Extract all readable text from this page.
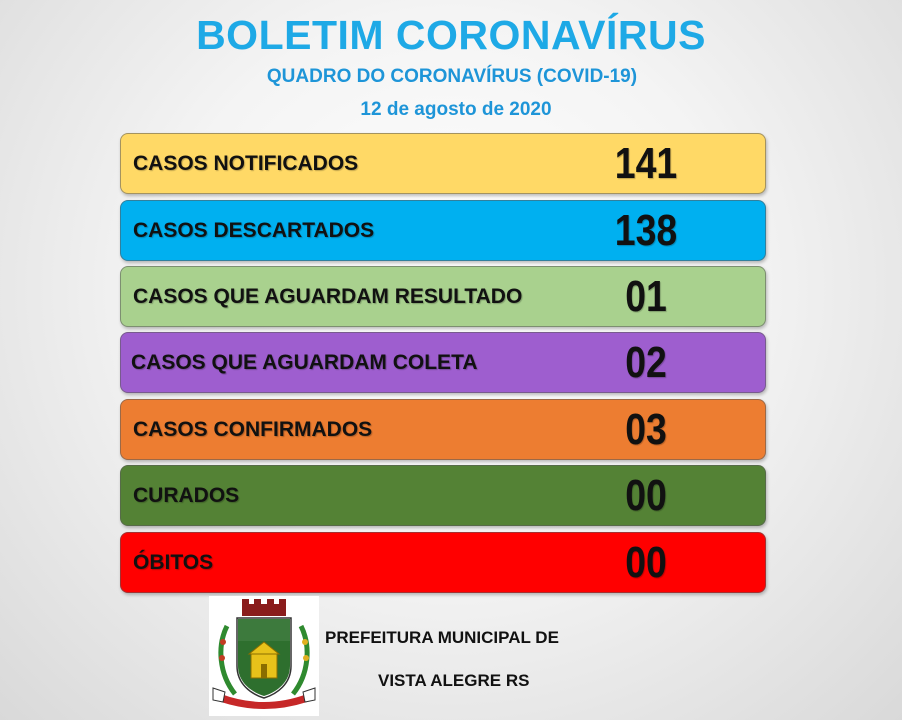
BOLETIM CORONAVÍRUS
QUADRO DO CORONAVÍRUS (COVID-19)
12 de agosto de 2020
CASOS NOTIFICADOS	141
CASOS DESCARTADOS	138
CASOS QUE AGUARDAM RESULTADO	01
CASOS QUE AGUARDAM COLETA	02
CASOS CONFIRMADOS	03
CURADOS	00
ÓBITOS	00
PREFEITURA MUNICIPAL DE
VISTA ALEGRE RS
